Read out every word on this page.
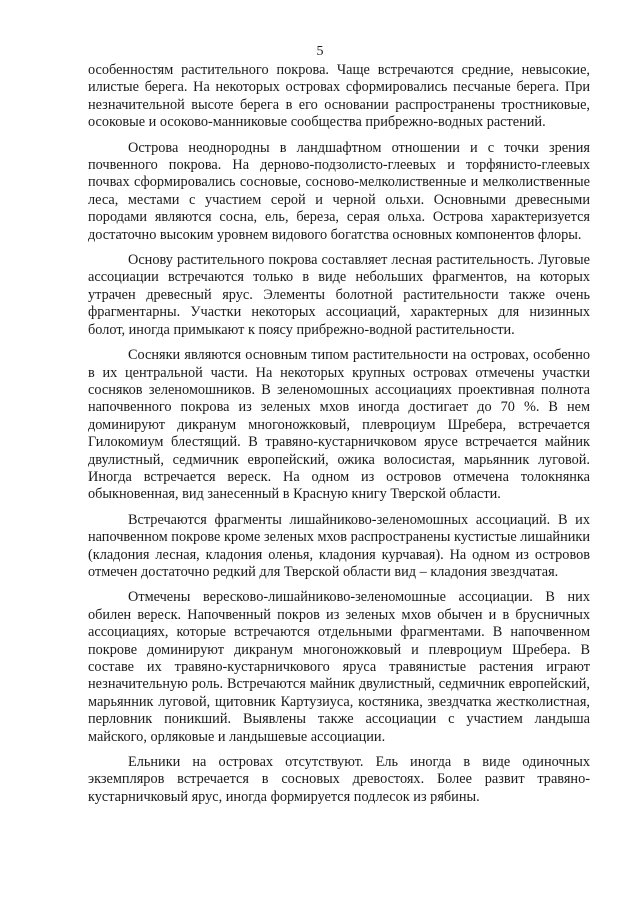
5

особенностям растительного покрова. Чаще встречаются средние, невысокие, илистые берега. На некоторых островах сформировались песчаные берега. При незначительной высоте берега в его основании распространены тростниковые, осоковые и осоково-манниковые сообщества прибрежно-водных растений.

Острова неоднородны в ландшафтном отношении и с точки зрения почвенного покрова. На дерново-подзолисто-глеевых и торфянисто-глеевых почвах сформировались сосновые, сосново-мелколиственные и мелколиственные леса, местами с участием серой и черной ольхи. Основными древесными породами являются сосна, ель, береза, серая ольха. Острова характеризуется достаточно высоким уровнем видового богатства основных компонентов флоры.

Основу растительного покрова составляет лесная растительность. Луговые ассоциации встречаются только в виде небольших фрагментов, на которых утрачен древесный ярус. Элементы болотной растительности также очень фрагментарны. Участки некоторых ассоциаций, характерных для низинных болот, иногда примыкают к поясу прибрежно-водной растительности.

Сосняки являются основным типом растительности на островах, особенно в их центральной части. На некоторых крупных островах отмечены участки сосняков зеленомошников. В зеленомошных ассоциациях проективная полнота напочвенного покрова из зеленых мхов иногда достигает до 70 %. В нем доминируют дикранум многоножковый, плевроциум Шребера, встречается Гилокомиум блестящий. В травяно-кустарничковом ярусе встречается майник двулистный, седмичник европейский, ожика волосистая, марьянник луговой. Иногда встречается вереск. На одном из островов отмечена толокнянка обыкновенная, вид занесенный в Красную книгу Тверской области.

Встречаются фрагменты лишайниково-зеленомошных ассоциаций. В их напочвенном покрове кроме зеленых мхов распространены кустистые лишайники (кладония лесная, кладония оленья, кладония курчавая). На одном из островов отмечен достаточно редкий для Тверской области вид – кладония звездчатая.

Отмечены вересково-лишайниково-зеленомошные ассоциации. В них обилен вереск. Напочвенный покров из зеленых мхов обычен и в брусничных ассоциациях, которые встречаются отдельными фрагментами. В напочвенном покрове доминируют дикранум многоножковый и плевроциум Шребера. В составе их травяно-кустарничкового яруса травянистые растения играют незначительную роль. Встречаются майник двулистный, седмичник европейский, марьянник луговой, щитовник Картузиуса, костяника, звездчатка жестколистная, перловник поникший. Выявлены также ассоциации с участием ландыша майского, орляковые и ландышевые ассоциации.

Ельники на островах отсутствуют. Ель иногда в виде одиночных экземпляров встречается в сосновых древостоях. Более развит травяно-кустарничковый ярус, иногда формируется подлесок из рябины.
